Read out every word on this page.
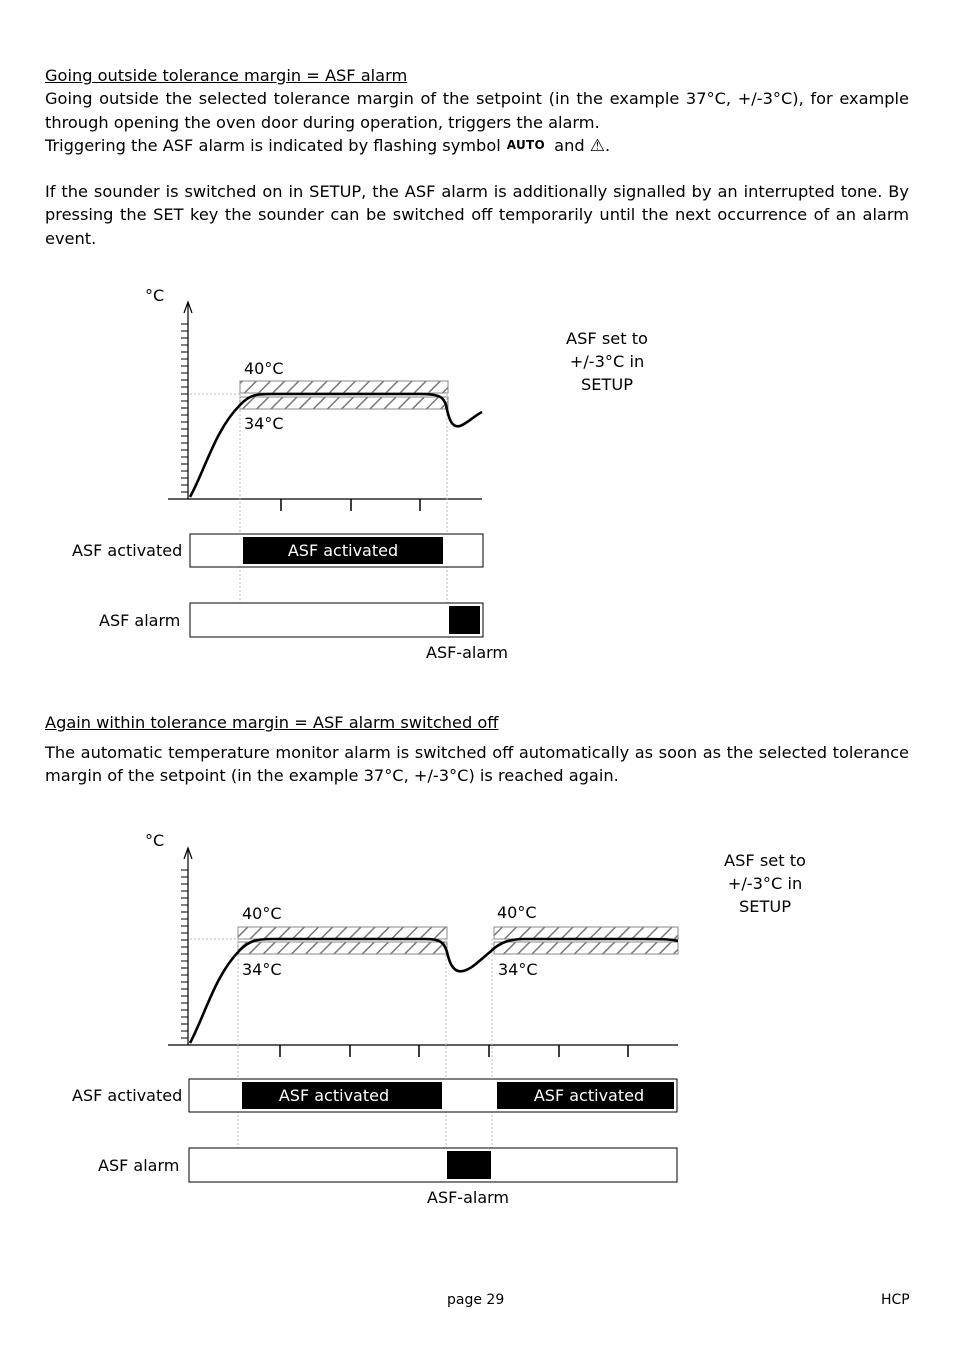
Going outside tolerance margin = ASF alarm
Going outside the selected tolerance margin of the setpoint (in the example 37°C, +/-3°C), for example
through opening the oven door during operation, triggers the alarm.
Triggering the ASF alarm is indicated by flashing symbol AUTO and ⚠.
If the sounder is switched on in SETUP, the ASF alarm is additionally signalled by an interrupted tone. By
pressing the SET key the sounder can be switched off temporarily until the next occurrence of an alarm
event.
°C
40°C
34°C
ASF activated	ASF activated
ASF alarm
ASF-alarm
°C
40°C
34°C
40°C
34°C
ASF activated	ASF activated	ASF activated
ASF alarm
ASF-alarm
ASF set to
+/-3°C in
SETUP
ASF set to
+/-3°C in
SETUP
Again within tolerance margin = ASF alarm switched off
The automatic temperature monitor alarm is switched off automatically as soon as the selected tolerance
margin of the setpoint (in the example 37°C, +/-3°C) is reached again.
page 29	HCP
